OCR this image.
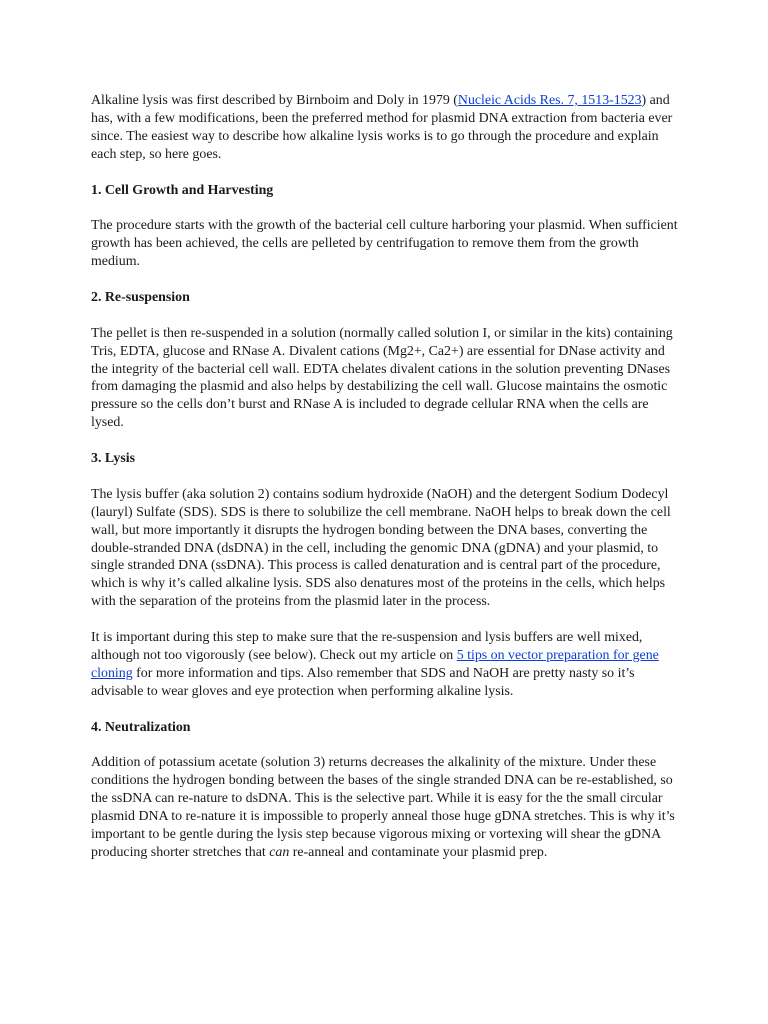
Alkaline lysis was first described by Birnboim and Doly in 1979 (Nucleic Acids Res. 7, 1513-1523) and has, with a few modifications, been the preferred method for plasmid DNA extraction from bacteria ever since. The easiest way to describe how alkaline lysis works is to go through the procedure and explain each step, so here goes.

1. Cell Growth and Harvesting

The procedure starts with the growth of the bacterial cell culture harboring your plasmid. When sufficient growth has been achieved, the cells are pelleted by centrifugation to remove them from the growth medium.

2. Re-suspension

The pellet is then re-suspended in a solution (normally called solution I, or similar in the kits) containing Tris, EDTA, glucose and RNase A. Divalent cations (Mg2+, Ca2+) are essential for DNase activity and the integrity of the bacterial cell wall. EDTA chelates divalent cations in the solution preventing DNases from damaging the plasmid and also helps by destabilizing the cell wall. Glucose maintains the osmotic pressure so the cells don’t burst and RNase A is included to degrade cellular RNA when the cells are lysed.

3. Lysis

The lysis buffer (aka solution 2) contains sodium hydroxide (NaOH) and the detergent Sodium Dodecyl (lauryl) Sulfate (SDS). SDS is there to solubilize the cell membrane. NaOH helps to break down the cell wall, but more importantly it disrupts the hydrogen bonding between the DNA bases, converting the double-stranded DNA (dsDNA) in the cell, including the genomic DNA (gDNA) and your plasmid, to single stranded DNA (ssDNA). This process is called denaturation and is central part of the procedure, which is why it’s called alkaline lysis. SDS also denatures most of the proteins in the cells, which helps with the separation of the proteins from the plasmid later in the process.

It is important during this step to make sure that the re-suspension and lysis buffers are well mixed, although not too vigorously (see below). Check out my article on 5 tips on vector preparation for gene cloning for more information and tips. Also remember that SDS and NaOH are pretty nasty so it’s advisable to wear gloves and eye protection when performing alkaline lysis.

4. Neutralization

Addition of potassium acetate (solution 3) returns decreases the alkalinity of the mixture. Under these conditions the hydrogen bonding between the bases of the single stranded DNA can be re-established, so the ssDNA can re-nature to dsDNA. This is the selective part. While it is easy for the the small circular plasmid DNA to re-nature it is impossible to properly anneal those huge gDNA stretches. This is why it’s important to be gentle during the lysis step because vigorous mixing or vortexing will shear the gDNA producing shorter stretches that can re-anneal and contaminate your plasmid prep.
